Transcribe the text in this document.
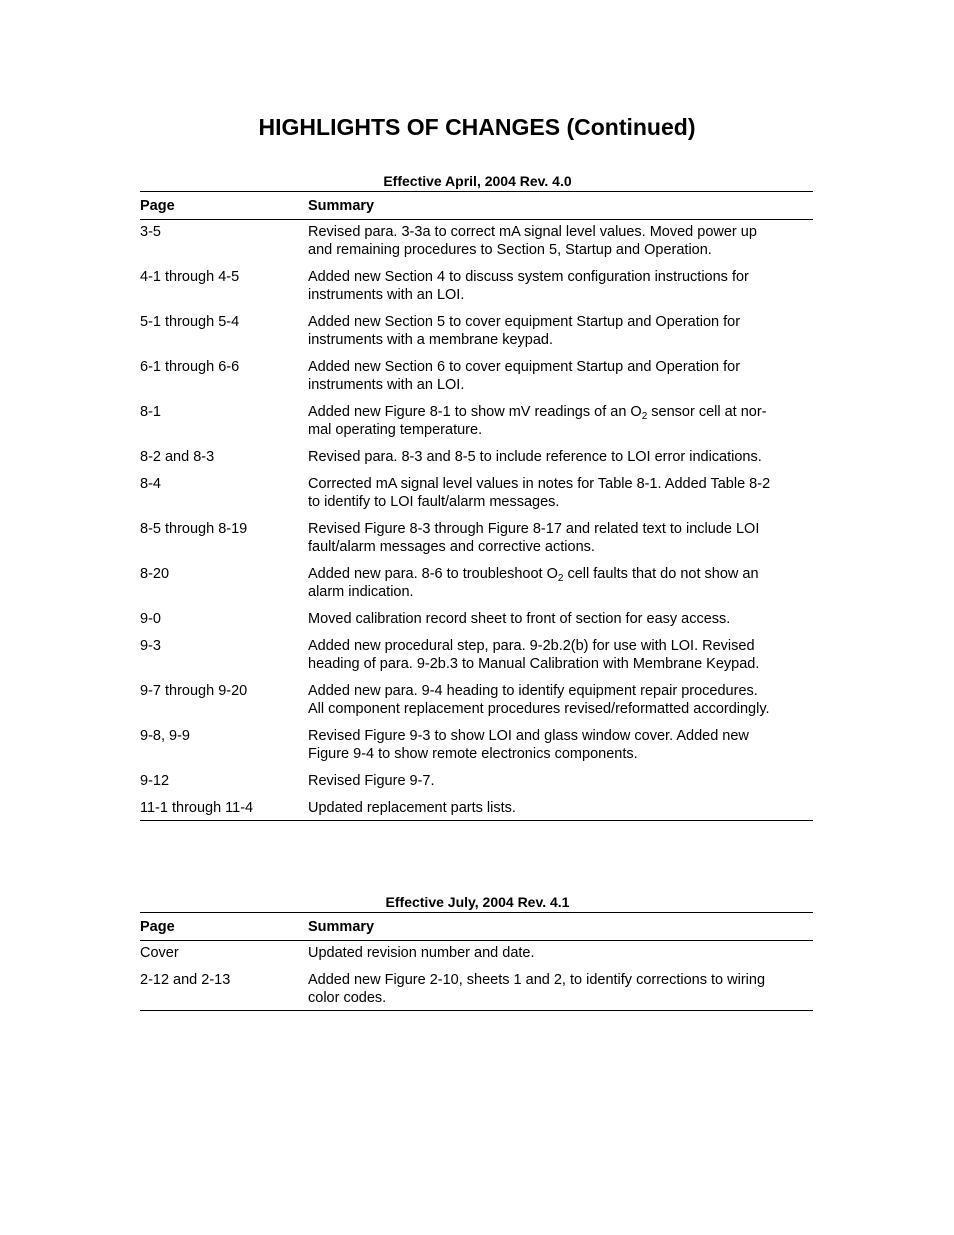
HIGHLIGHTS OF CHANGES (Continued)
Effective April, 2004 Rev. 4.0
Page	Summary
3-5	Revised para. 3-3a to correct mA signal level values. Moved power up
and remaining procedures to Section 5, Startup and Operation.
4-1 through 4-5	Added new Section 4 to discuss system configuration instructions for
instruments with an LOI.
5-1 through 5-4	Added new Section 5 to cover equipment Startup and Operation for
instruments with a membrane keypad.
6-1 through 6-6	Added new Section 6 to cover equipment Startup and Operation for
instruments with an LOI.
8-1	Added new Figure 8-1 to show mV readings of an $O_2$ sensor cell at nor-
mal operating temperature.
8-2 and 8-3	Revised para. 8-3 and 8-5 to include reference to LOI error indications.
8-4	Corrected mA signal level values in notes for Table 8-1. Added Table 8-2
to identify to LOI fault/alarm messages.
8-5 through 8-19	Revised Figure 8-3 through Figure 8-17 and related text to include LOI
fault/alarm messages and corrective actions.
8-20	Added new para. 8-6 to troubleshoot $O_2$ cell faults that do not show an
alarm indication.
9-0	Moved calibration record sheet to front of section for easy access.
9-3	Added new procedural step, para. 9-2b.2(b) for use with LOI. Revised
heading of para. 9-2b.3 to Manual Calibration with Membrane Keypad.
9-7 through 9-20	Added new para. 9-4 heading to identify equipment repair procedures.
All component replacement procedures revised/reformatted accordingly.
9-8, 9-9	Revised Figure 9-3 to show LOI and glass window cover. Added new
Figure 9-4 to show remote electronics components.
9-12	Revised Figure 9-7.
11-1 through 11-4	Updated replacement parts lists.
Effective July, 2004 Rev. 4.1
Page	Summary
Cover	Updated revision number and date.
2-12 and 2-13	Added new Figure 2-10, sheets 1 and 2, to identify corrections to wiring
color codes.
